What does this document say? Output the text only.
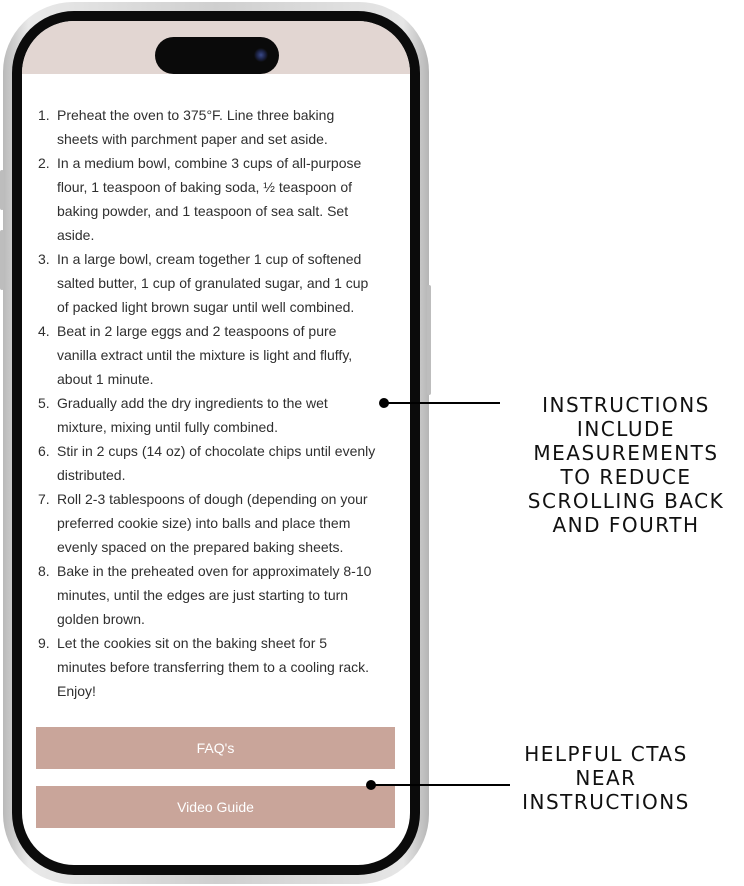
1. Preheat the oven to 375°F. Line three baking
sheets with parchment paper and set aside.
2. In a medium bowl, combine 3 cups of all-purpose
flour, 1 teaspoon of baking soda, ½ teaspoon of
baking powder, and 1 teaspoon of sea salt. Set
aside.
3. In a large bowl, cream together 1 cup of softened
salted butter, 1 cup of granulated sugar, and 1 cup
of packed light brown sugar until well combined.
4. Beat in 2 large eggs and 2 teaspoons of pure
vanilla extract until the mixture is light and fluffy,
about 1 minute.
5. Gradually add the dry ingredients to the wet
mixture, mixing until fully combined.
6. Stir in 2 cups (14 oz) of chocolate chips until evenly
distributed.
7. Roll 2-3 tablespoons of dough (depending on your
preferred cookie size) into balls and place them
evenly spaced on the prepared baking sheets.
8. Bake in the preheated oven for approximately 8-10
minutes, until the edges are just starting to turn
golden brown.
9. Let the cookies sit on the baking sheet for 5
minutes before transferring them to a cooling rack.
Enjoy!
FAQ's
Video Guide
INSTRUCTIONS
INCLUDE
MEASUREMENTS
TO REDUCE
SCROLLING BACK
AND FOURTH
HELPFUL CTAS
NEAR
INSTRUCTIONS
